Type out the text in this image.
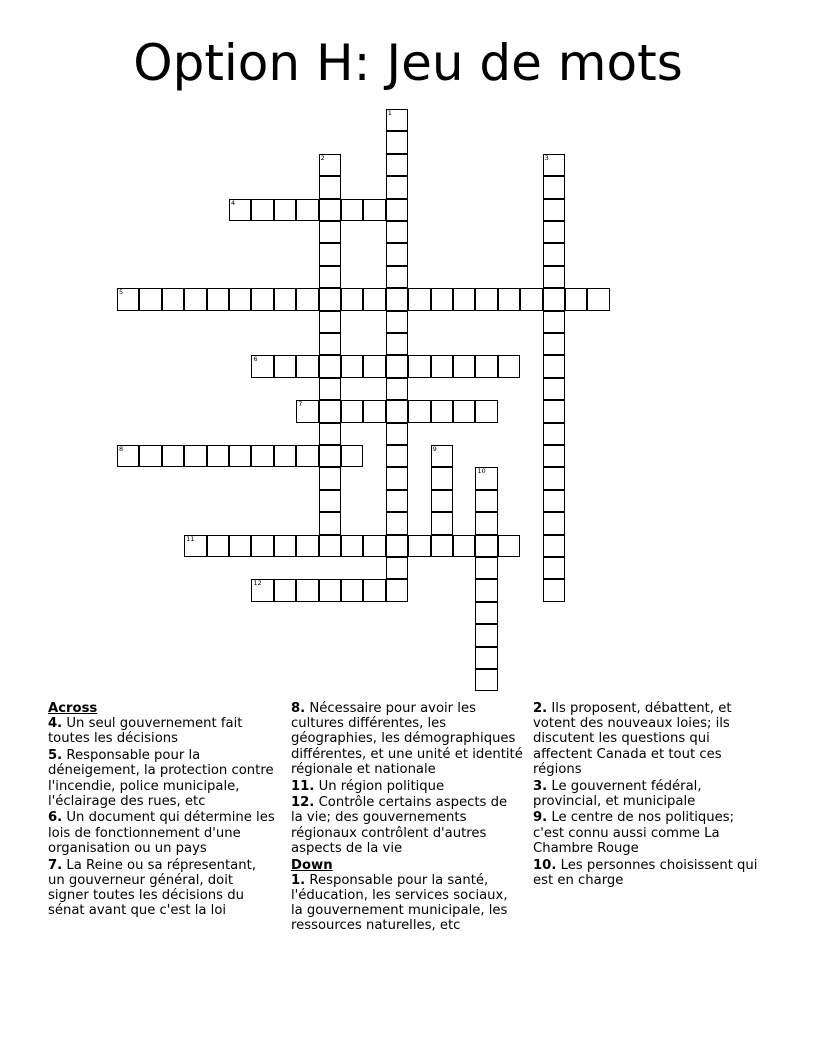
Option H: Jeu de mots
1
2	3
4
5
6
7
8	9
10
11
12
Across
4. Un seul gouvernement fait toutes les décisions
5. Responsable pour la déneigement, la protection contre l'incendie, police municipale, l'éclairage des rues, etc
6. Un document qui détermine les lois de fonctionnement d'une organisation ou un pays
7. La Reine ou sa répresentant, un gouverneur général, doit signer toutes les décisions du sénat avant que c'est la loi
8. Nécessaire pour avoir les cultures différentes, les géographies, les démographiques différentes, et une unité et identité régionale et nationale
11. Un région politique
12. Contrôle certains aspects de la vie; des gouvernements régionaux contrôlent d'autres aspects de la vie
Down
1. Responsable pour la santé, l'éducation, les services sociaux, la gouvernement municipale, les ressources naturelles, etc
2. Ils proposent, débattent, et votent des nouveaux loies; ils discutent les questions qui affectent Canada et tout ces régions
3. Le gouvernent fédéral, provincial, et municipale
9. Le centre de nos politiques; c'est connu aussi comme La Chambre Rouge
10. Les personnes choisissent qui est en charge
